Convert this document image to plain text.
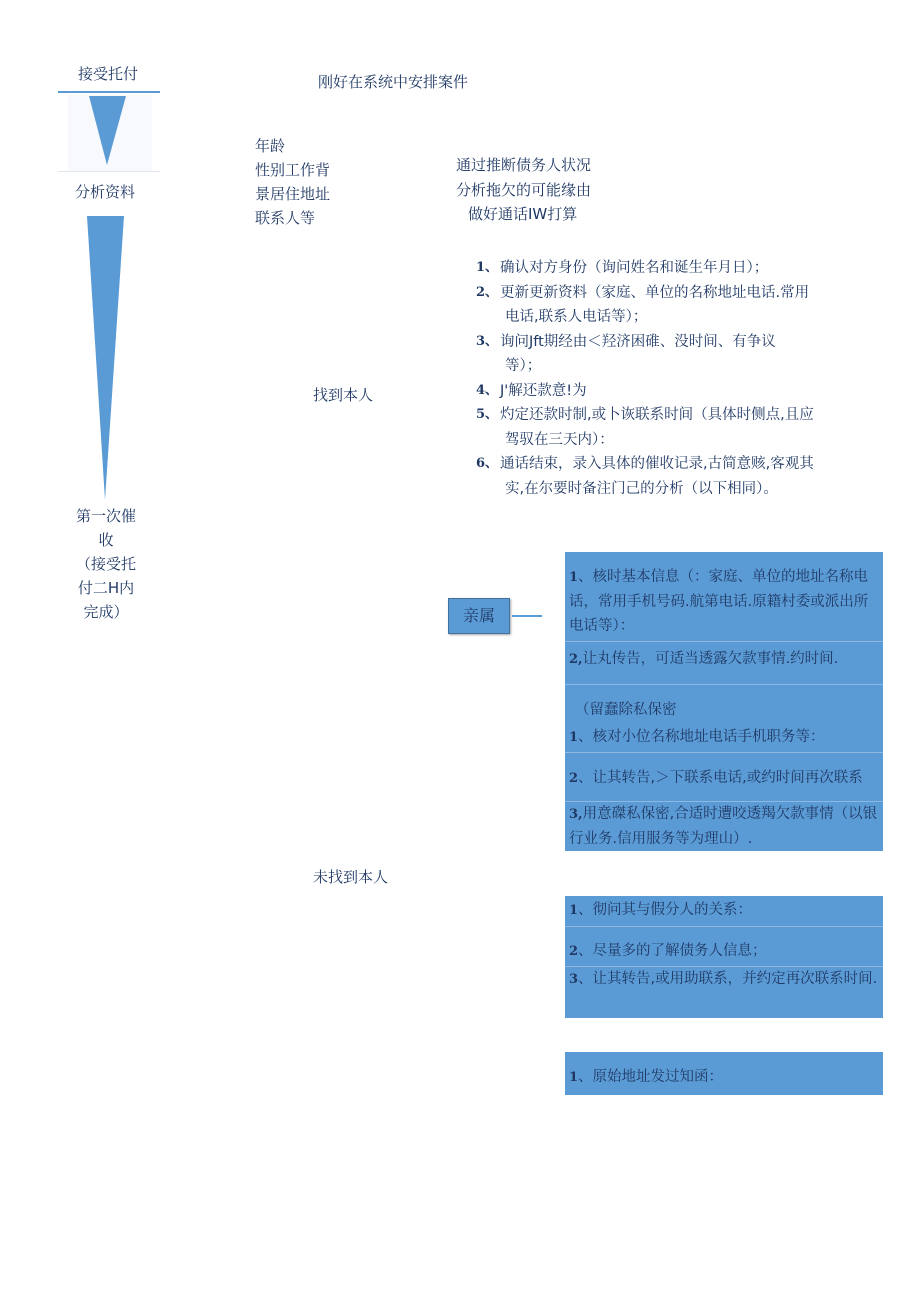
接受托付
分析资料
第一次催
收
（接受托
付二H内
完成）
刚好在系统中安排案件
年龄
性别工作背
景居住地址
联系人等
通过推断债务人状况
分析拖欠的可能缘由
做好通话IW打算
找到本人
未找到本人
1、 确认对方身份（询问姓名和诞生年月日）；
2、 更新更新资料（家庭、单位的名称地址电话.常用
电话,联系人电话等）；
3、 询问Jft期经由＜羟济困碓、没时间、有争议
等）；
4、 J'解还款意!为
5、 灼定还款时制,或卜诙联系时间（具体时侧点,且应
驾驭在三天内）：
6、 通话结束，录入具体的催收记录,古简意赅,客观其
实,在尔要时备注门己的分析（以下相同）。
亲属
1、核时基本信息（：家庭、单位的地址名称电话，常用手机号码.航第电话.原籍村委或派出所电话等）：
2,让丸传告，可适当透露欠款事情.约时间.
（留蠢除私保密
1、核对小位名称地址电话手机职务等：
2、让其转告,＞下联系电话,或约时间再次联系
3,用意磔私保密,合适时遭咬透羯欠款事情（以银行业务.信用服务等为理山）.
1、彻问其与假分人的关系：
2、尽量多的了解债务人信息；
3、让其转告,或用助联系，并约定再次联系时间.
1、原始地址发过知函：
